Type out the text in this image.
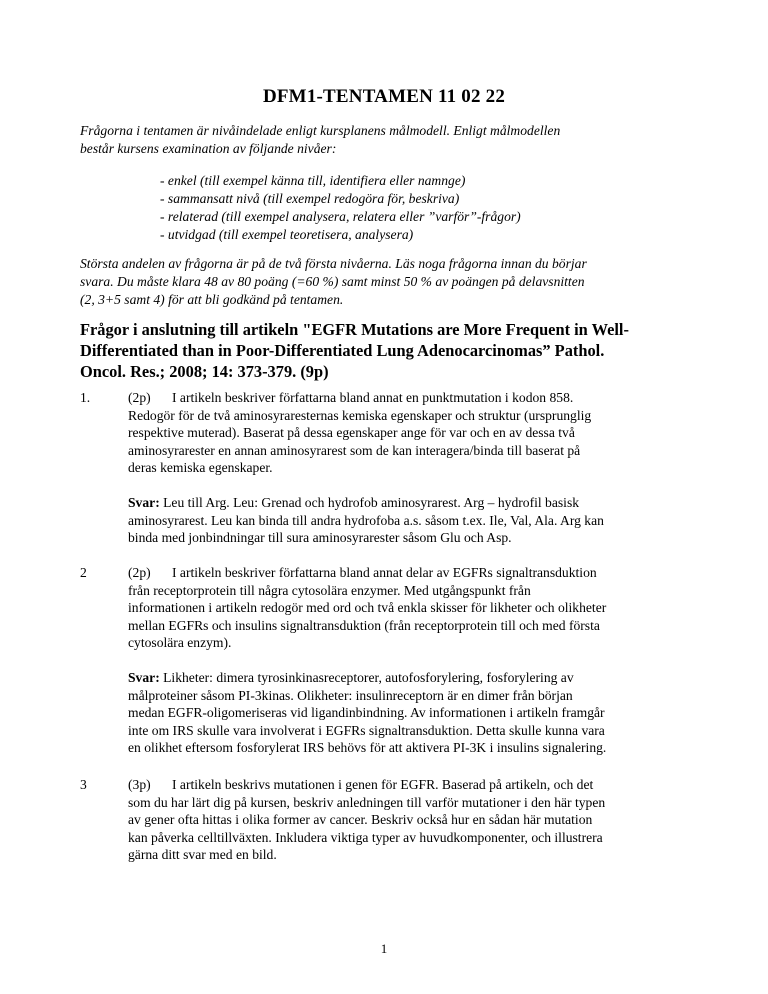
DFM1-TENTAMEN 11 02 22
Frågorna i tentamen är nivåindelade enligt kursplanens målmodell. Enligt målmodellen
består kursens examination av följande nivåer:
- enkel (till exempel känna till, identifiera eller namnge)
- sammansatt nivå (till exempel redogöra för, beskriva)
- relaterad (till exempel analysera, relatera eller ”varför”-frågor)
- utvidgad (till exempel teoretisera, analysera)
Största andelen av frågorna är på de två första nivåerna. Läs noga frågorna innan du börjar
svara. Du måste klara 48 av 80 poäng (=60 %) samt minst 50 % av poängen på delavsnitten
(2, 3+5 samt 4) för att bli godkänd på tentamen.
Frågor i anslutning till artikeln "EGFR Mutations are More Frequent in Well-
Differentiated than in Poor-Differentiated Lung Adenocarcinomas” Pathol.
Oncol. Res.; 2008; 14: 373-379. (9p)
1.	(2p) I artikeln beskriver författarna bland annat en punktmutation i kodon 858.
Redogör för de två aminosyraresternas kemiska egenskaper och struktur (ursprunglig
respektive muterad). Baserat på dessa egenskaper ange för var och en av dessa två
aminosyrarester en annan aminosyrarest som de kan interagera/binda till baserat på
deras kemiska egenskaper.
Svar: Leu till Arg. Leu: Grenad och hydrofob aminosyrarest. Arg – hydrofil basisk
aminosyrarest. Leu kan binda till andra hydrofoba a.s. såsom t.ex. Ile, Val, Ala. Arg kan
binda med jonbindningar till sura aminosyrarester såsom Glu och Asp.
2	(2p) I artikeln beskriver författarna bland annat delar av EGFRs signaltransduktion
från receptorprotein till några cytosolära enzymer. Med utgångspunkt från
informationen i artikeln redogör med ord och två enkla skisser för likheter och olikheter
mellan EGFRs och insulins signaltransduktion (från receptorprotein till och med första
cytosolära enzym).
Svar: Likheter: dimera tyrosinkinasreceptorer, autofosforylering, fosforylering av
målproteiner såsom PI-3kinas. Olikheter: insulinreceptorn är en dimer från början
medan EGFR-oligomeriseras vid ligandinbindning. Av informationen i artikeln framgår
inte om IRS skulle vara involverat i EGFRs signaltransduktion. Detta skulle kunna vara
en olikhet eftersom fosforylerat IRS behövs för att aktivera PI-3K i insulins signalering.
3	(3p) I artikeln beskrivs mutationen i genen för EGFR. Baserad på artikeln, och det
som du har lärt dig på kursen, beskriv anledningen till varför mutationer i den här typen
av gener ofta hittas i olika former av cancer. Beskriv också hur en sådan här mutation
kan påverka celltillväxten. Inkludera viktiga typer av huvudkomponenter, och illustrera
gärna ditt svar med en bild.
1
